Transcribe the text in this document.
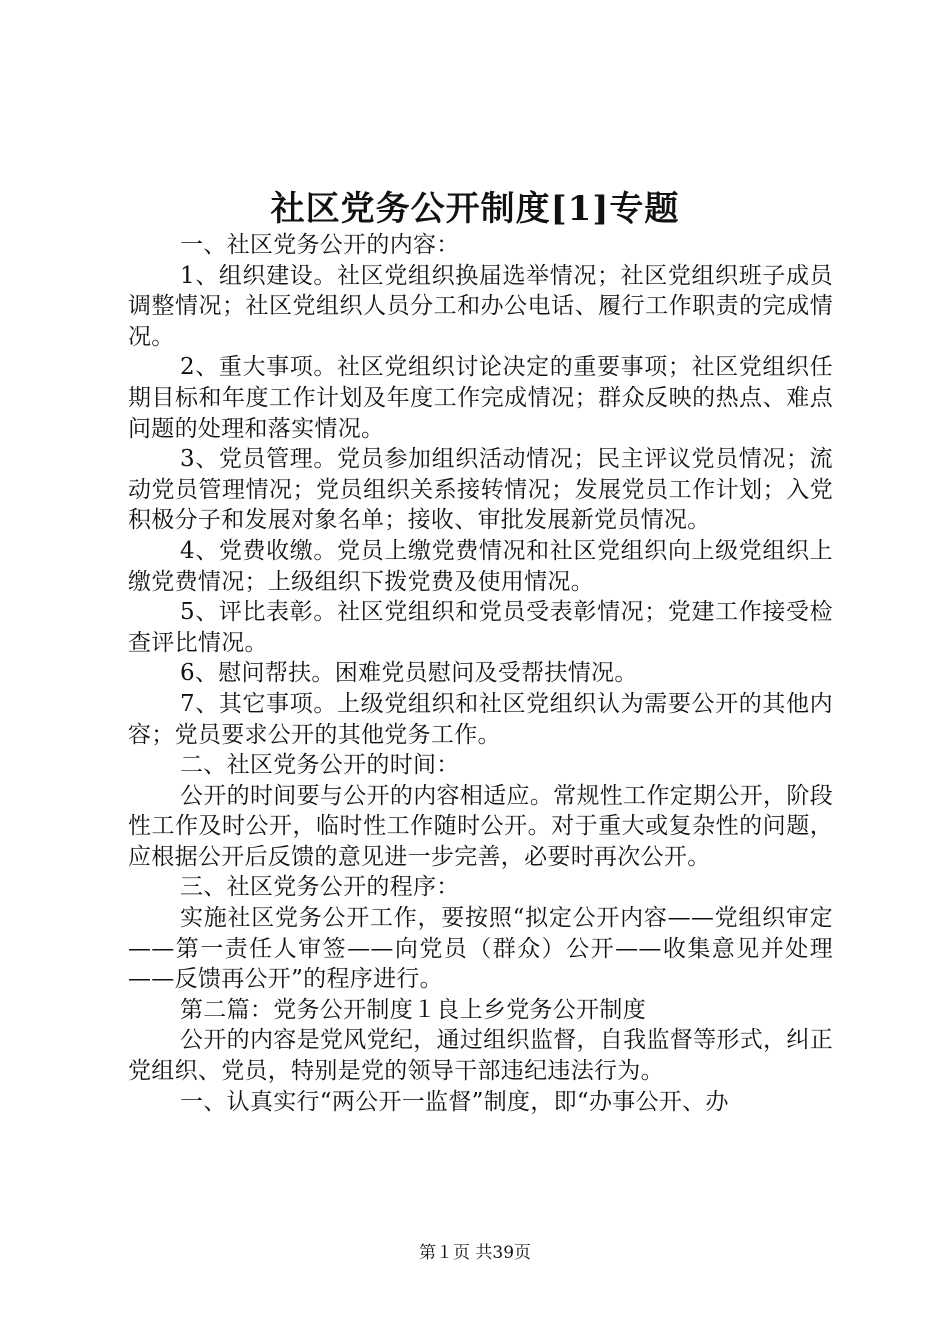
社区党务公开制度[1]专题

一、社区党务公开的内容：

1、组织建设。社区党组织换届选举情况；社区党组织班子成员调整情况；社区党组织人员分工和办公电话、履行工作职责的完成情况。

2、重大事项。社区党组织讨论决定的重要事项；社区党组织任期目标和年度工作计划及年度工作完成情况；群众反映的热点、难点问题的处理和落实情况。

3、党员管理。党员参加组织活动情况；民主评议党员情况；流动党员管理情况；党员组织关系接转情况；发展党员工作计划；入党积极分子和发展对象名单；接收、审批发展新党员情况。

4、党费收缴。党员上缴党费情况和社区党组织向上级党组织上缴党费情况；上级组织下拨党费及使用情况。

5、评比表彰。社区党组织和党员受表彰情况；党建工作接受检查评比情况。

6、慰问帮扶。困难党员慰问及受帮扶情况。

7、其它事项。上级党组织和社区党组织认为需要公开的其他内容；党员要求公开的其他党务工作。

二、社区党务公开的时间：

公开的时间要与公开的内容相适应。常规性工作定期公开，阶段性工作及时公开，临时性工作随时公开。对于重大或复杂性的问题，应根据公开后反馈的意见进一步完善，必要时再次公开。

三、社区党务公开的程序：

实施社区党务公开工作，要按照“拟定公开内容——党组织审定——第一责任人审签——向党员（群众）公开——收集意见并处理——反馈再公开”的程序进行。

第二篇：党务公开制度１良上乡党务公开制度

公开的内容是党风党纪，通过组织监督，自我监督等形式，纠正党组织、党员，特别是党的领导干部违纪违法行为。

一、认真实行“两公开一监督”制度，即“办事公开、办

第１页 共39页
